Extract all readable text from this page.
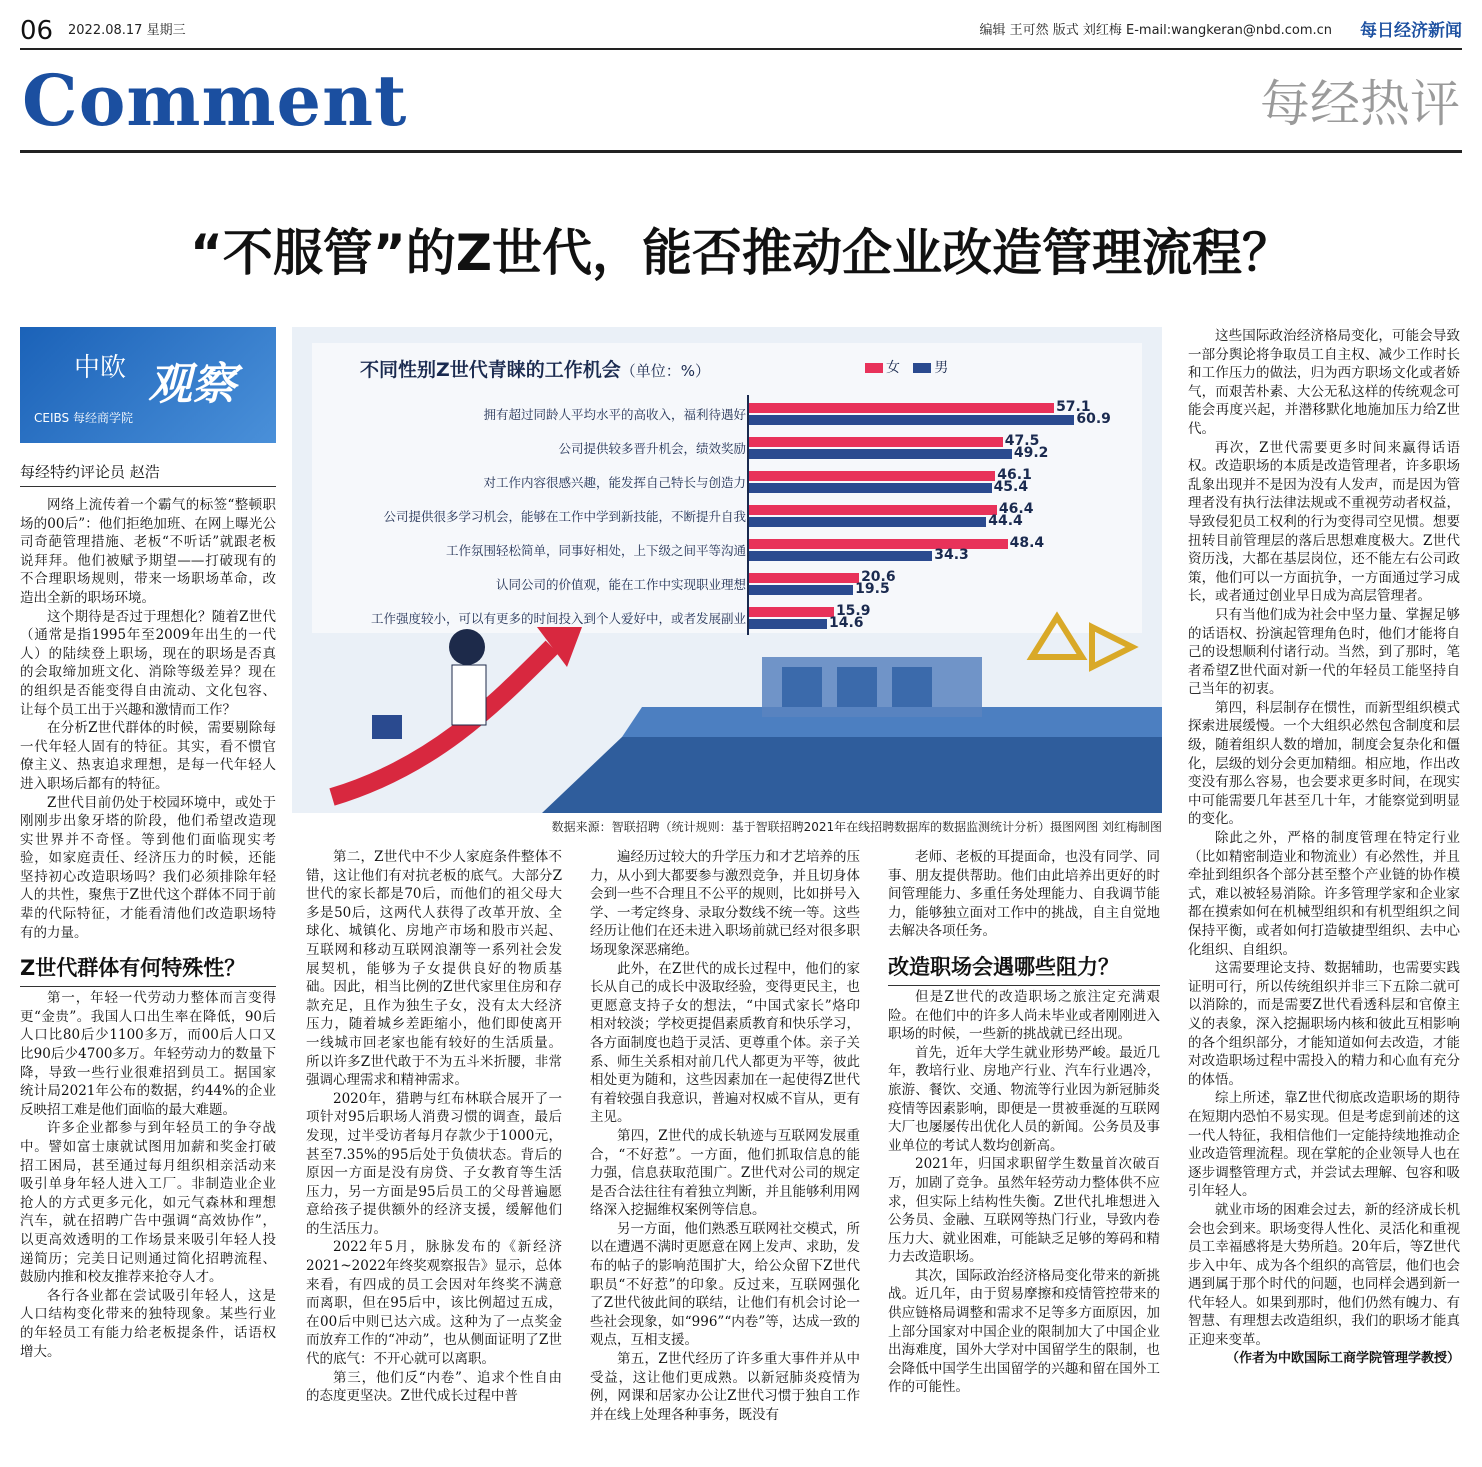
06 2022.08.17 星期三	编辑 王可然 版式 刘红梅 E-mail:wangkeran@nbd.com.cn 每日经济新闻
Comment	每经热评
“不服管”的Z世代，能否推动企业改造管理流程？
中欧 观察
CEIBS 每经商学院
每经特约评论员 赵浩

网络上流传着一个霸气的标签“整顿职场的00后”：他们拒绝加班、在网上曝光公司奇葩管理措施、老板“不听话”就跟老板说拜拜。他们被赋予期望——打破现有的不合理职场规则，带来一场职场革命，改造出全新的职场环境。

这个期待是否过于理想化？随着Z世代（通常是指1995年至2009年出生的一代人）的陆续登上职场，现在的职场是否真的会取缔加班文化、消除等级差异？现在的组织是否能变得自由流动、文化包容、让每个员工出于兴趣和激情而工作？

在分析Z世代群体的时候，需要剔除每一代年轻人固有的特征。其实，看不惯官僚主义、热衷追求理想，是每一代年轻人进入职场后都有的特征。

Z世代目前仍处于校园环境中，或处于刚刚步出象牙塔的阶段，他们希望改造现实世界并不奇怪。等到他们面临现实考验，如家庭责任、经济压力的时候，还能坚持初心改造职场吗？我们必须排除年轻人的共性，聚焦于Z世代这个群体不同于前辈的代际特征，才能看清他们改造职场特有的力量。

Z世代群体有何特殊性？

第一，年轻一代劳动力整体而言变得更“金贵”。我国人口出生率在降低，90后人口比80后少1100多万，而00后人口又比90后少4700多万。年轻劳动力的数量下降，导致一些行业很难招到员工。据国家统计局2021年公布的数据，约44%的企业反映招工难是他们面临的最大难题。

许多企业都参与到年轻员工的争夺战中。譬如富士康就试图用加薪和奖金打破招工困局，甚至通过每月组织相亲活动来吸引单身年轻人进入工厂。非制造业企业抢人的方式更多元化，如元气森林和理想汽车，就在招聘广告中强调“高效协作”，以更高效透明的工作场景来吸引年轻人投递简历；完美日记则通过简化招聘流程、鼓励内推和校友推荐来抢夺人才。

各行各业都在尝试吸引年轻人，这是人口结构变化带来的独特现象。某些行业的年轻员工有能力给老板提条件，话语权增大。

不同性别Z世代青睐的工作机会（单位：%）	女 男
拥有超过同龄人平均水平的高收入，福利待遇好	57.1
60.9
公司提供较多晋升机会，绩效奖励	47.5
49.2
对工作内容很感兴趣，能发挥自己特长与创造力	46.1
45.4
公司提供很多学习机会，能够在工作中学到新技能，不断提升自我	46.4
44.4
工作氛围轻松简单，同事好相处，上下级之间平等沟通	48.4
34.3
认同公司的价值观，能在工作中实现职业理想	20.6
19.5
工作强度较小，可以有更多的时间投入到个人爱好中，或者发展副业	15.9
14.6
数据来源：智联招聘（统计规则：基于智联招聘2021年在线招聘数据库的数据监测统计分析）摄图网图 刘红梅制图

第二，Z世代中不少人家庭条件整体不错，这让他们有对抗老板的底气。大部分Z世代的家长都是70后，而他们的祖父母大多是50后，这两代人获得了改革开放、全球化、城镇化、房地产市场和股市兴起、互联网和移动互联网浪潮等一系列社会发展契机，能够为子女提供良好的物质基础。因此，相当比例的Z世代家里住房和存款充足，且作为独生子女，没有太大经济压力，随着城乡差距缩小，他们即使离开一线城市回老家也能有较好的生活质量。所以许多Z世代敢于不为五斗米折腰，非常强调心理需求和精神需求。

2020年，猎聘与红布林联合展开了一项针对95后职场人消费习惯的调查，最后发现，过半受访者每月存款少于1000元，甚至7.35%的95后处于负债状态。背后的原因一方面是没有房贷、子女教育等生活压力，另一方面是95后员工的父母普遍愿意给孩子提供额外的经济支援，缓解他们的生活压力。

2022年5月，脉脉发布的《新经济2021~2022年终奖观察报告》显示，总体来看，有四成的员工会因对年终奖不满意而离职，但在95后中，该比例超过五成，在00后中则已达六成。这种为了一点奖金而放弃工作的“冲动”，也从侧面证明了Z世代的底气：不开心就可以离职。

第三，他们反“内卷”、追求个性自由的态度更坚决。Z世代成长过程中普

遍经历过较大的升学压力和才艺培养的压力，从小到大都要参与激烈竞争，并且切身体会到一些不合理且不公平的规则，比如拼号入学、一考定终身、录取分数线不统一等。这些经历让他们在还未进入职场前就已经对很多职场现象深恶痛绝。

此外，在Z世代的成长过程中，他们的家长从自己的成长中汲取经验，变得更民主，也更愿意支持子女的想法，“中国式家长”烙印相对较淡；学校更提倡素质教育和快乐学习，各方面制度也趋于灵活、更尊重个体。亲子关系、师生关系相对前几代人都更为平等，彼此相处更为随和，这些因素加在一起使得Z世代有着较强自我意识，普遍对权威不盲从，更有主见。

第四，Z世代的成长轨迹与互联网发展重合，“不好惹”。一方面，他们抓取信息的能力强，信息获取范围广。Z世代对公司的规定是否合法往往有着独立判断，并且能够利用网络深入挖掘维权案例等信息。

另一方面，他们熟悉互联网社交模式，所以在遭遇不满时更愿意在网上发声、求助，发布的帖子的影响范围扩大，给公众留下Z世代职员“不好惹”的印象。反过来，互联网强化了Z世代彼此间的联结，让他们有机会讨论一些社会现象，如“996”“内卷”等，达成一致的观点，互相支援。

第五，Z世代经历了许多重大事件并从中受益，这让他们更成熟。以新冠肺炎疫情为例，网课和居家办公让Z世代习惯于独自工作并在线上处理各种事务，既没有

老师、老板的耳提面命，也没有同学、同事、朋友提供帮助。他们由此培养出更好的时间管理能力、多重任务处理能力、自我调节能力，能够独立面对工作中的挑战，自主自觉地去解决各项任务。

改造职场会遇哪些阻力？

但是Z世代的改造职场之旅注定充满艰险。在他们中的许多人尚未毕业或者刚刚进入职场的时候，一些新的挑战就已经出现。

首先，近年大学生就业形势严峻。最近几年，教培行业、房地产行业、汽车行业遇冷，旅游、餐饮、交通、物流等行业因为新冠肺炎疫情等因素影响，即便是一贯被垂涎的互联网大厂也屡屡传出优化人员的新闻。公务员及事业单位的考试人数均创新高。

2021年，归国求职留学生数量首次破百万，加剧了竞争。虽然年轻劳动力整体供不应求，但实际上结构性失衡。Z世代扎堆想进入公务员、金融、互联网等热门行业，导致内卷压力大、就业困难，可能缺乏足够的筹码和精力去改造职场。

其次，国际政治经济格局变化带来的新挑战。近几年，由于贸易摩擦和疫情管控带来的供应链格局调整和需求不足等多方面原因，加上部分国家对中国企业的限制加大了中国企业出海难度，国外大学对中国留学生的限制，也会降低中国学生出国留学的兴趣和留在国外工作的可能性。

这些国际政治经济格局变化，可能会导致一部分舆论将争取员工自主权、减少工作时长和工作压力的做法，归为西方职场文化或者娇气，而艰苦朴素、大公无私这样的传统观念可能会再度兴起，并潜移默化地施加压力给Z世代。

再次，Z世代需要更多时间来赢得话语权。改造职场的本质是改造管理者，许多职场乱象出现并不是因为没有人发声，而是因为管理者没有执行法律法规或不重视劳动者权益，导致侵犯员工权利的行为变得司空见惯。想要扭转目前管理层的落后思想难度极大。Z世代资历浅，大都在基层岗位，还不能左右公司政策，他们可以一方面抗争，一方面通过学习成长，或者通过创业早日成为高层管理者。

只有当他们成为社会中坚力量、掌握足够的话语权、扮演起管理角色时，他们才能将自己的设想顺利付诸行动。当然，到了那时，笔者希望Z世代面对新一代的年轻员工能坚持自己当年的初衷。

第四，科层制存在惯性，而新型组织模式探索进展缓慢。一个大组织必然包含制度和层级，随着组织人数的增加，制度会复杂化和僵化，层级的划分会更加精细。相应地，作出改变没有那么容易，也会要求更多时间，在现实中可能需要几年甚至几十年，才能察觉到明显的变化。

除此之外，严格的制度管理在特定行业（比如精密制造业和物流业）有必然性，并且牵扯到组织各个部分甚至整个产业链的协作模式，难以被轻易消除。许多管理学家和企业家都在摸索如何在机械型组织和有机型组织之间保持平衡，或者如何打造敏捷型组织、去中心化组织、自组织。

这需要理论支持、数据辅助，也需要实践证明可行，所以传统组织并非三下五除二就可以消除的，而是需要Z世代看透科层和官僚主义的表象，深入挖掘职场内核和彼此互相影响的各个组织部分，才能知道如何去改造，才能对改造职场过程中需投入的精力和心血有充分的体悟。

综上所述，靠Z世代彻底改造职场的期待在短期内恐怕不易实现。但是考虑到前述的这一代人特征，我相信他们一定能持续地推动企业改造管理流程。现在掌舵的企业领导人也在逐步调整管理方式，并尝试去理解、包容和吸引年轻人。

就业市场的困难会过去，新的经济成长机会也会到来。职场变得人性化、灵活化和重视员工幸福感将是大势所趋。20年后，等Z世代步入中年、成为各个组织的高管层，他们也会遇到属于那个时代的问题，也同样会遇到新一代年轻人。如果到那时，他们仍然有魄力、有智慧、有理想去改造组织，我们的职场才能真正迎来变革。

（作者为中欧国际工商学院管理学教授）
